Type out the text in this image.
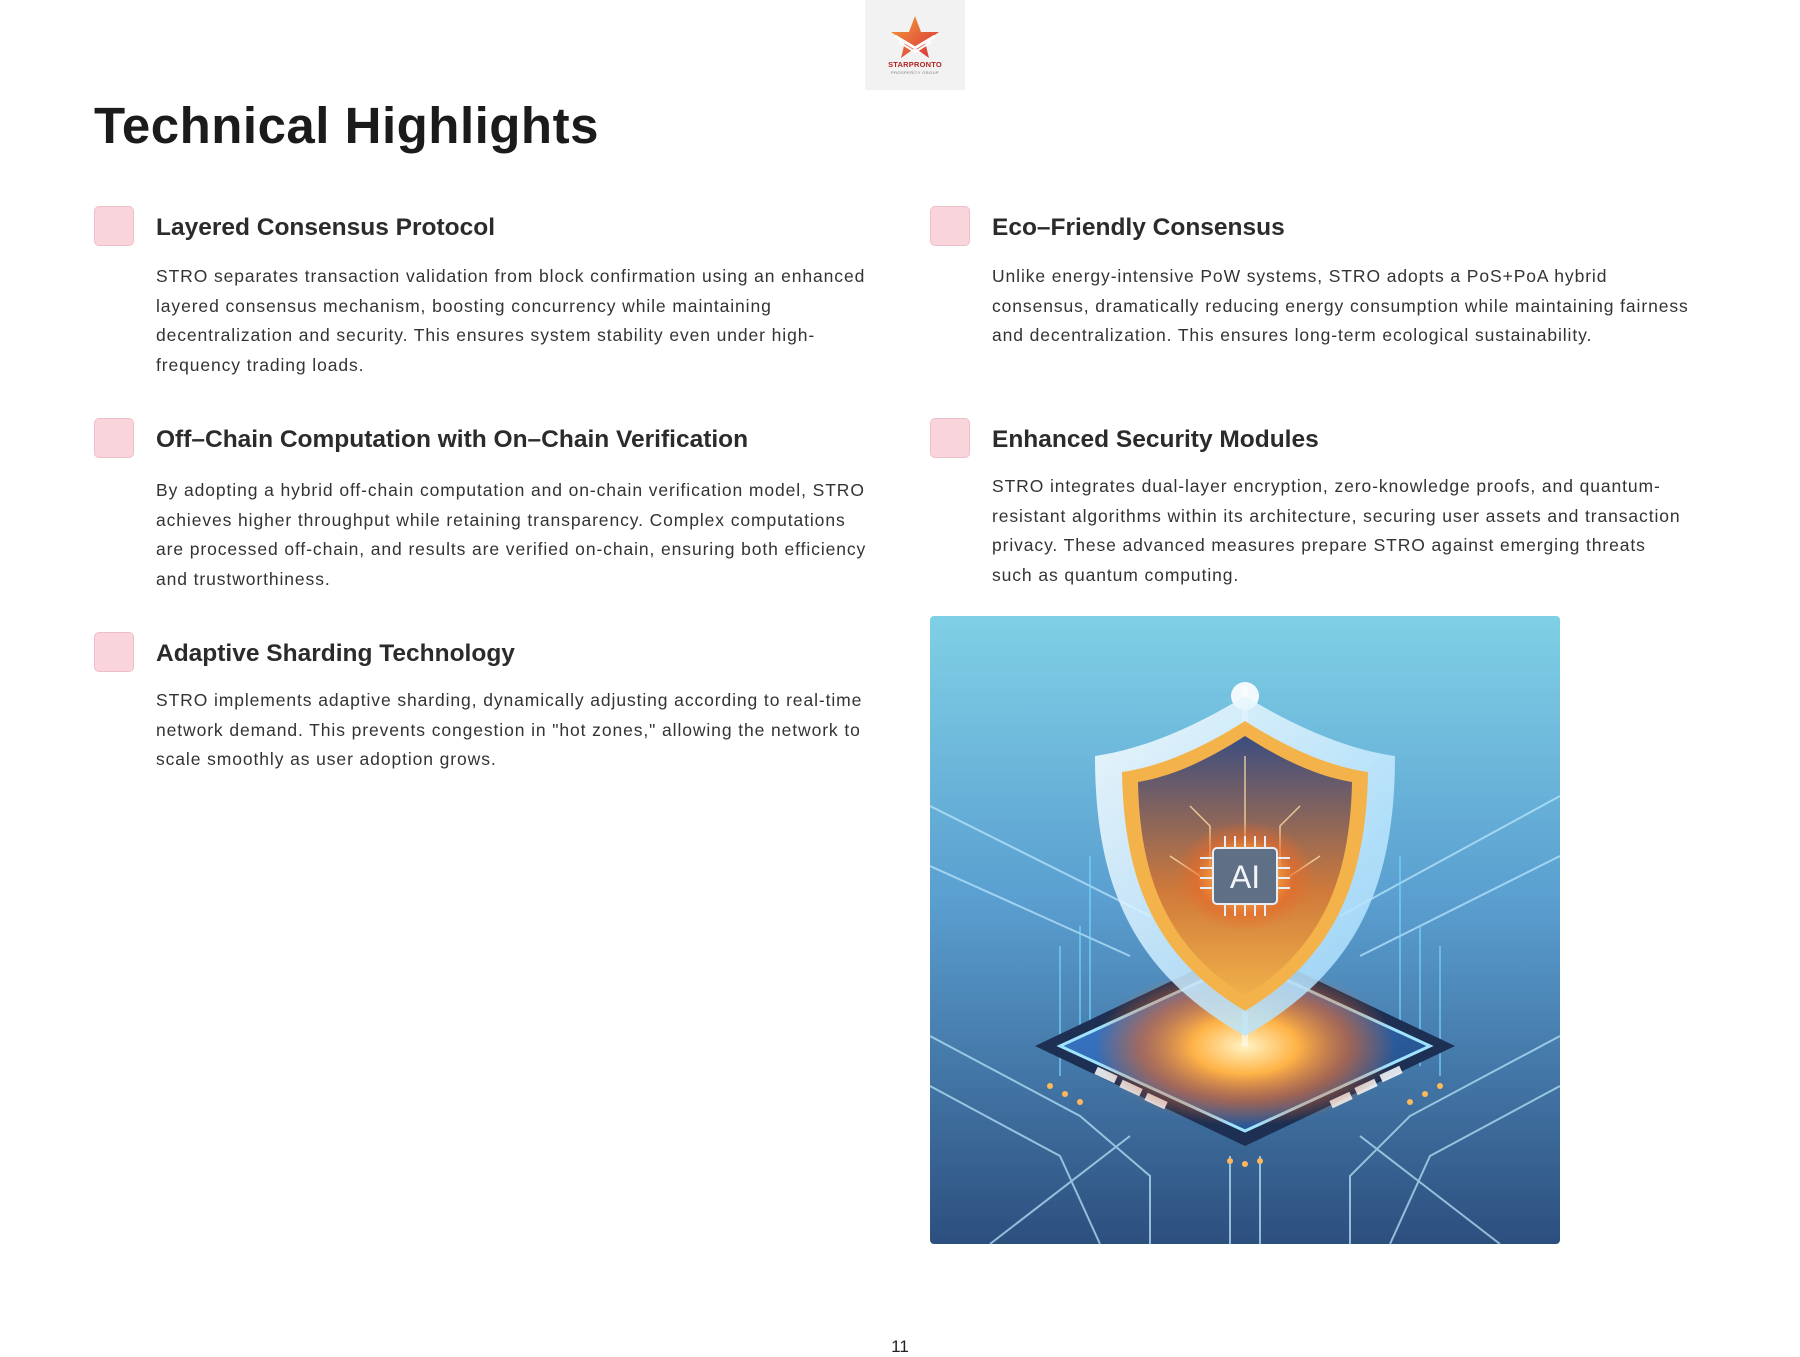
STARPRONTO
PROSPERITY GROUP
Technical Highlights
Layered Consensus Protocol

STRO separates transaction validation from block confirmation using an enhanced layered consensus mechanism, boosting concurrency while maintaining decentralization and security. This ensures system stability even under high-frequency trading loads.

Eco–Friendly Consensus

Unlike energy-intensive PoW systems, STRO adopts a PoS+PoA hybrid consensus, dramatically reducing energy consumption while maintaining fairness and decentralization. This ensures long-term ecological sustainability.

Off–Chain Computation with On–Chain Verification

By adopting a hybrid off-chain computation and on-chain verification model, STRO achieves higher throughput while retaining transparency. Complex computations are processed off-chain, and results are verified on-chain, ensuring both efficiency and trustworthiness.

Enhanced Security Modules

STRO integrates dual-layer encryption, zero-knowledge proofs, and quantum-resistant algorithms within its architecture, securing user assets and transaction privacy. These advanced measures prepare STRO against emerging threats such as quantum computing.

Adaptive Sharding Technology

STRO implements adaptive sharding, dynamically adjusting according to real-time network demand. This prevents congestion in "hot zones," allowing the network to scale smoothly as user adoption grows.

AI
11
